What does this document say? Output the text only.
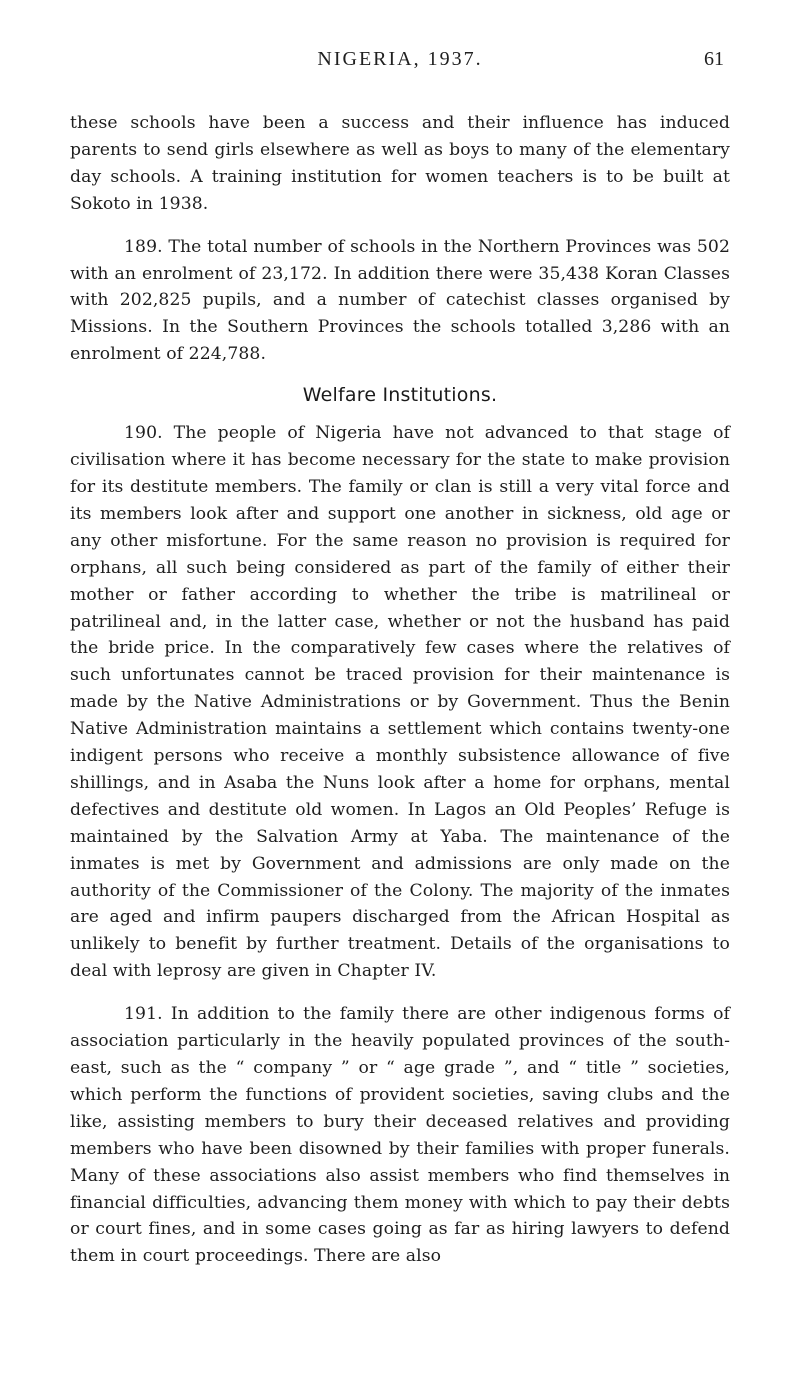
NIGERIA, 1937.	61

these schools have been a success and their influence has induced parents to send girls elsewhere as well as boys to many of the elementary day schools. A training institution for women teachers is to be built at Sokoto in 1938.

189. The total number of schools in the Northern Provinces was 502 with an enrolment of 23,172. In addition there were 35,438 Koran Classes with 202,825 pupils, and a number of catechist classes organised by Missions. In the Southern Provinces the schools totalled 3,286 with an enrolment of 224,788.

Welfare Institutions.

190. The people of Nigeria have not advanced to that stage of civilisation where it has become necessary for the state to make provision for its destitute members. The family or clan is still a very vital force and its members look after and support one another in sickness, old age or any other misfortune. For the same reason no provision is required for orphans, all such being considered as part of the family of either their mother or father according to whether the tribe is matrilineal or patrilineal and, in the latter case, whether or not the husband has paid the bride price. In the comparatively few cases where the relatives of such unfortunates cannot be traced provision for their maintenance is made by the Native Administrations or by Government. Thus the Benin Native Administration maintains a settlement which contains twenty-one indigent persons who receive a monthly subsistence allowance of five shillings, and in Asaba the Nuns look after a home for orphans, mental defectives and destitute old women. In Lagos an Old Peoples’ Refuge is maintained by the Salvation Army at Yaba. The maintenance of the inmates is met by Government and admissions are only made on the authority of the Commissioner of the Colony. The majority of the inmates are aged and infirm paupers discharged from the African Hospital as unlikely to benefit by further treatment. Details of the organisations to deal with leprosy are given in Chapter IV.

191. In addition to the family there are other indigenous forms of association particularly in the heavily populated provinces of the south-east, such as the “ company ” or “ age grade ”, and “ title ” societies, which perform the functions of provident societies, saving clubs and the like, assisting members to bury their deceased relatives and providing members who have been disowned by their families with proper funerals. Many of these associations also assist members who find themselves in financial difficulties, advancing them money with which to pay their debts or court fines, and in some cases going as far as hiring lawyers to defend them in court proceedings. There are also
